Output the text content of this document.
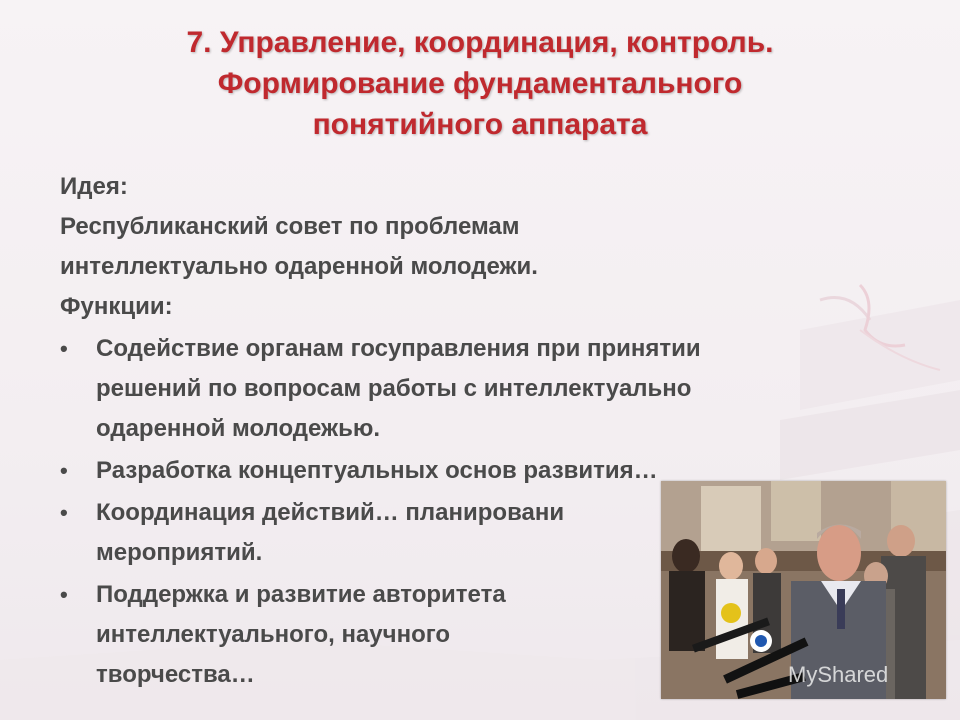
7. Управление, координация, контроль.
Формирование фундаментального
понятийного аппарата
Идея:
Республиканский совет по проблемам
интеллектуально одаренной молодежи.
Функции:
• Содействие органам госуправления при принятии
решений по вопросам работы с интеллектуально
одаренной молодежью.
• Разработка концептуальных основ развития…
• Координация действий… планировани
мероприятий.
• Поддержка и развитие авторитета
интеллектуального, научного
творчества…	MyShared
